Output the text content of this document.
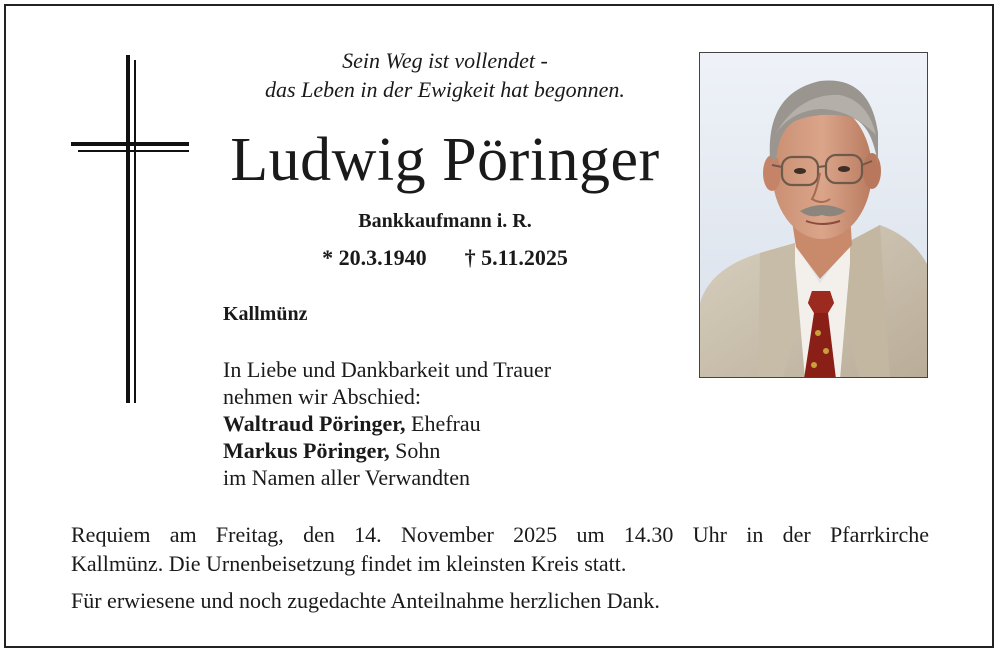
Sein Weg ist vollendet -
das Leben in der Ewigkeit hat begonnen.
Ludwig Pöringer
Bankkaufmann i. R.
* 20.3.1940 † 5.11.2025
Kallmünz
In Liebe und Dankbarkeit und Trauer
nehmen wir Abschied:
Waltraud Pöringer, Ehefrau
Markus Pöringer, Sohn
im Namen aller Verwandten
Requiem am Freitag, den 14. November 2025 um 14.30 Uhr in der Pfarrkirche
Kallmünz. Die Urnenbeisetzung findet im kleinsten Kreis statt.
Für erwiesene und noch zugedachte Anteilnahme herzlichen Dank.
